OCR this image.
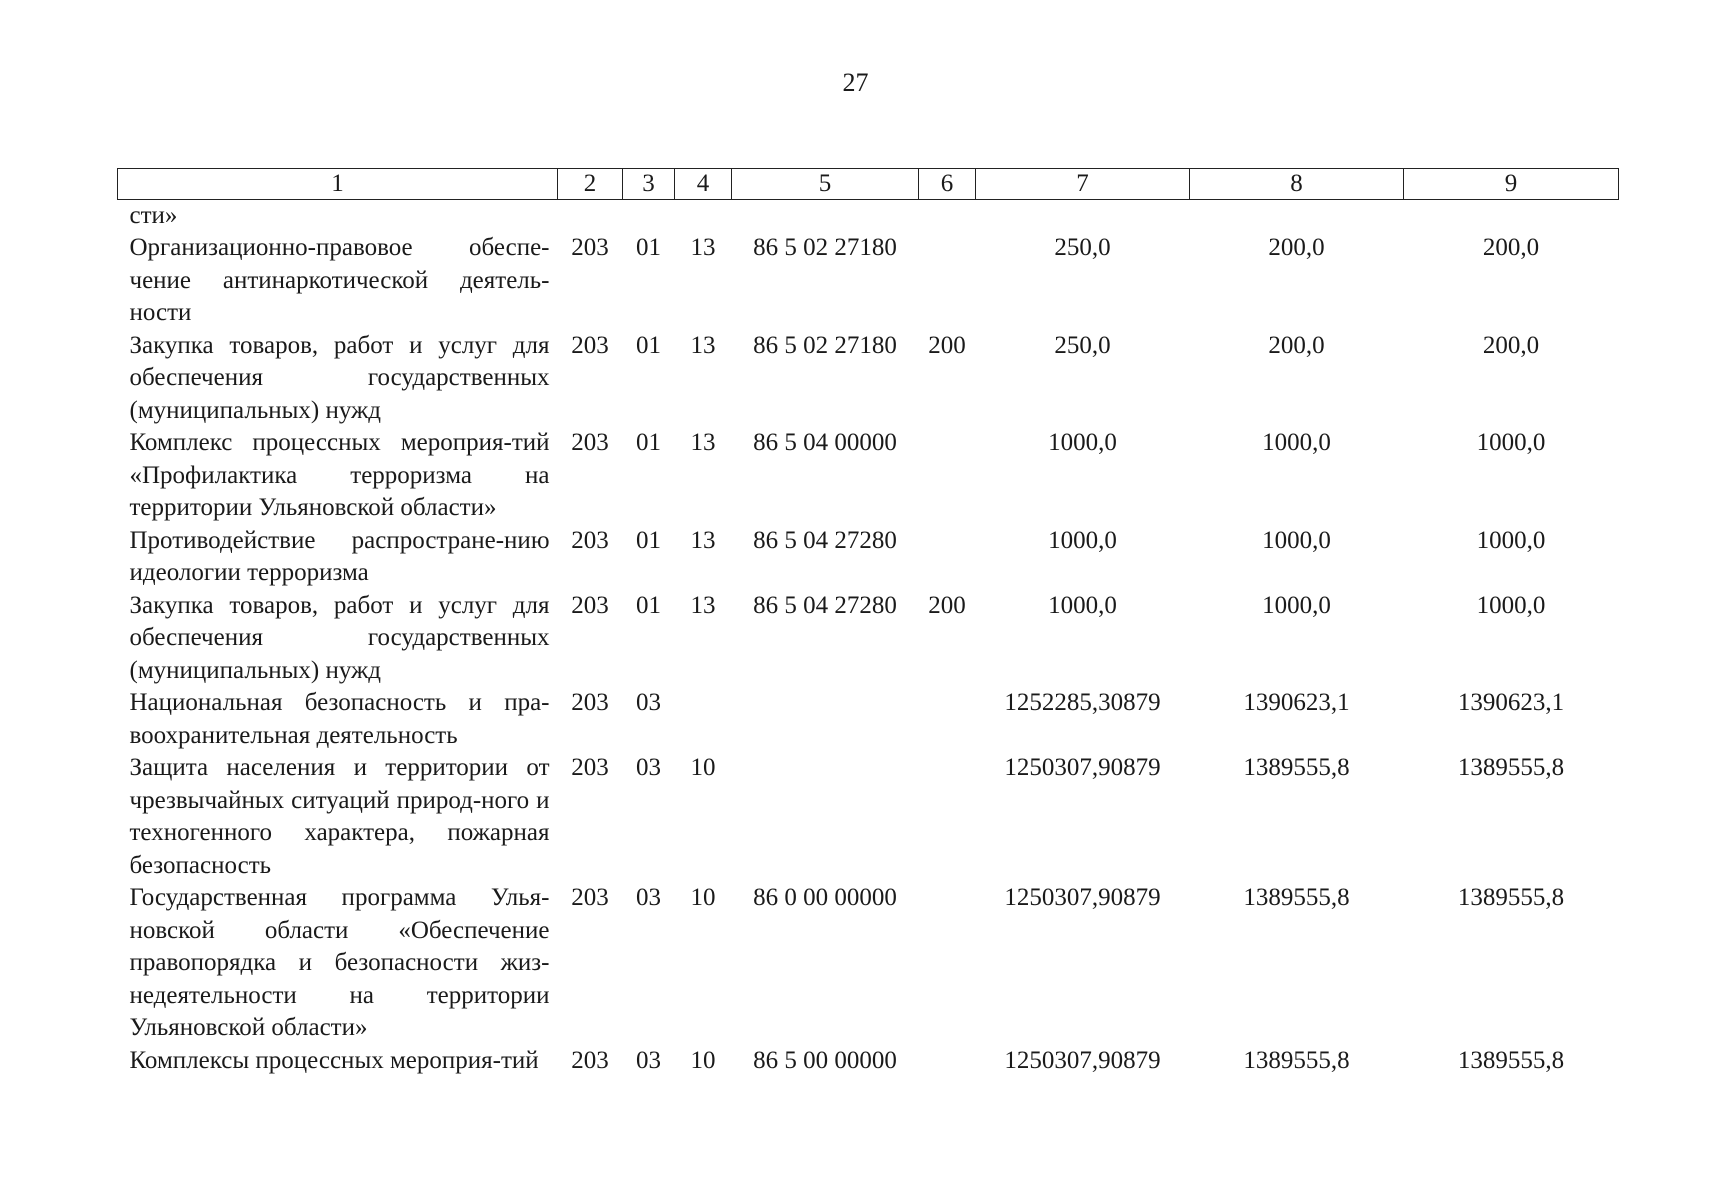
27
1	2	3	4	5	6	7	8	9
сти»								
Организационно-правовое обеспе-чение антинаркотической деятель-ности	203	01	13	86 5 02 27180		250,0	200,0	200,0
Закупка товаров, работ и услуг для обеспечения государственных (муниципальных) нужд	203	01	13	86 5 02 27180	200	250,0	200,0	200,0
Комплекс процессных мероприя-тий «Профилактика терроризма на территории Ульяновской области»	203	01	13	86 5 04 00000		1000,0	1000,0	1000,0
Противодействие распростране-нию идеологии терроризма	203	01	13	86 5 04 27280		1000,0	1000,0	1000,0
Закупка товаров, работ и услуг для обеспечения государственных (муниципальных) нужд	203	01	13	86 5 04 27280	200	1000,0	1000,0	1000,0
Национальная безопасность и пра-воохранительная деятельность	203	03				1252285,30879	1390623,1	1390623,1
Защита населения и территории от чрезвычайных ситуаций природ-ного и техногенного характера, пожарная безопасность	203	03	10			1250307,90879	1389555,8	1389555,8
Государственная программа Улья-новской области «Обеспечение правопорядка и безопасности жиз-недеятельности на территории Ульяновской области»	203	03	10	86 0 00 00000		1250307,90879	1389555,8	1389555,8
Комплексы процессных мероприя-тий	203	03	10	86 5 00 00000		1250307,90879	1389555,8	1389555,8
